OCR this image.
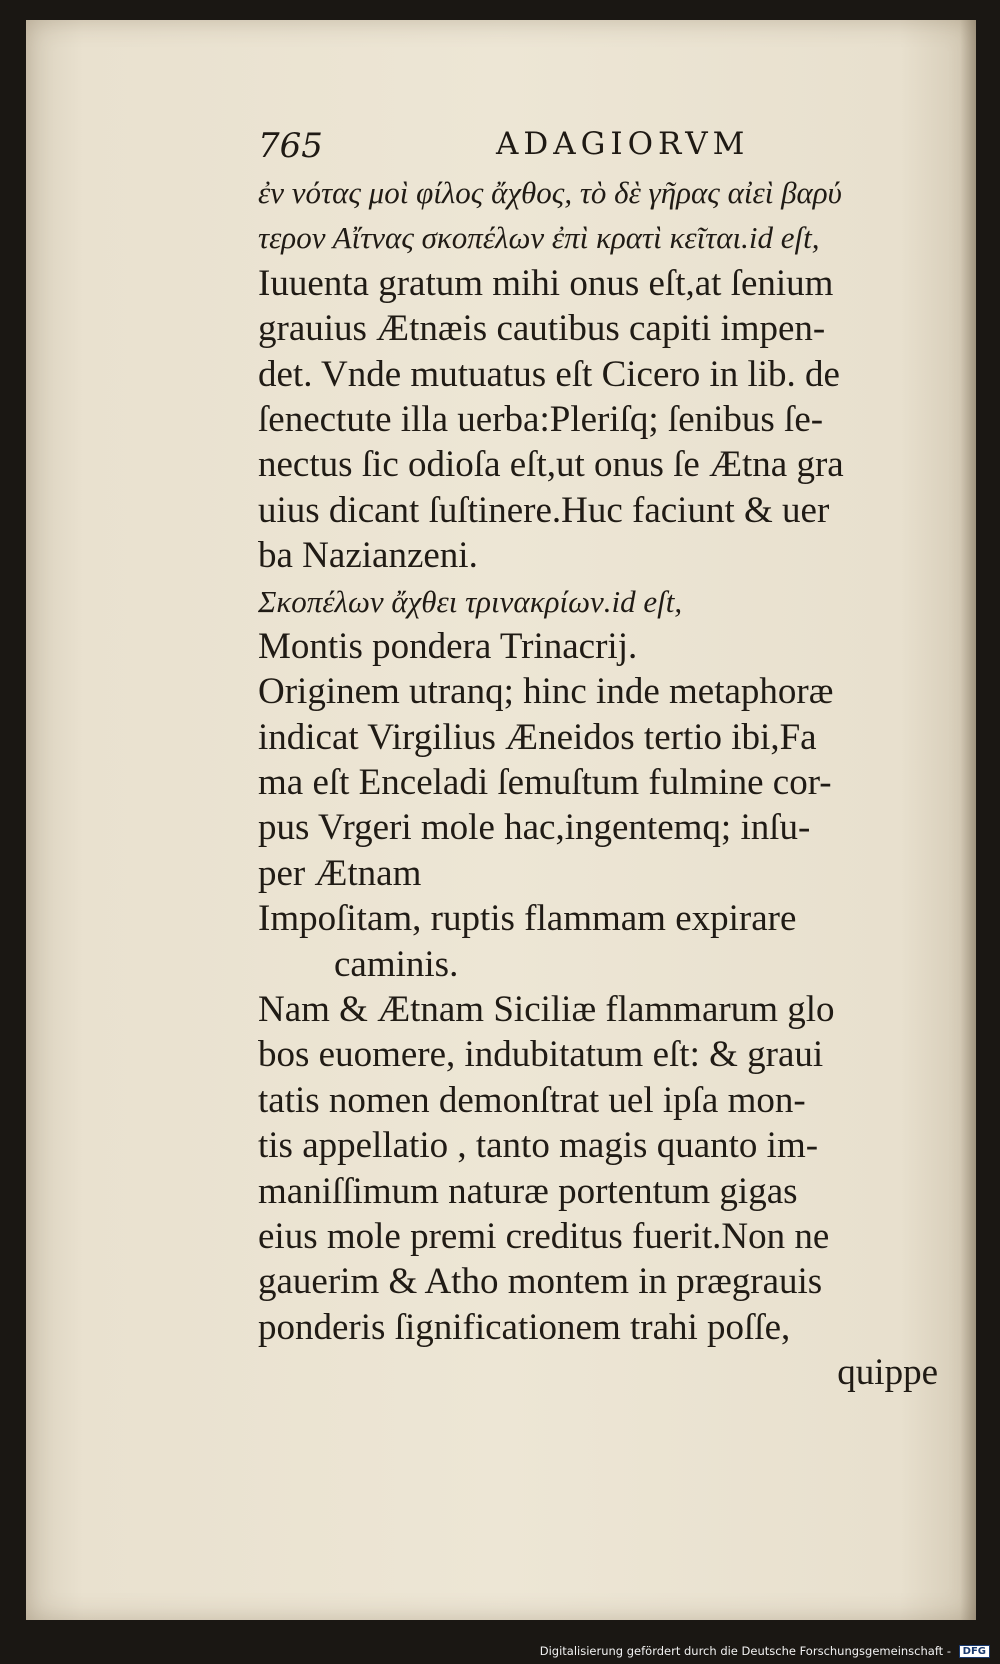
765	ADAGIORVM
ἐν νότας μοὶ φίλος ἄχθος, τὸ δὲ γῆρας αἰεὶ βαρύ
τερον Αἴτνας σκοπέλων ἐπὶ κρατὶ κεῖται.id eſt,
Iuuenta gratum mihi onus eſt,at ſenium
grauius Ætnæis cautibus capiti impen-
det. Vnde mutuatus eſt Cicero in lib. de
ſenectute illa uerba:Pleriſq; ſenibus ſe-
nectus ſic odioſa eſt,ut onus ſe Ætna gra
uius dicant ſuſtinere.Huc faciunt & uer
ba Nazianzeni.
Σκοπέλων ἄχθει τρινακρίων.id eſt,
Montis pondera Trinacrij.
Originem utranq; hinc inde metaphoræ
indicat Virgilius Æneidos tertio ibi,Fa
ma eſt Enceladi ſemuſtum fulmine cor-
pus Vrgeri mole hac,ingentemq; inſu-
per Ætnam
Impoſitam, ruptis flammam expirare
caminis.
Nam & Ætnam Siciliæ flammarum glo
bos euomere, indubitatum eſt: & graui
tatis nomen demonſtrat uel ipſa mon-
tis appellatio , tanto magis quanto im-
maniſſimum naturæ portentum gigas
eius mole premi creditus fuerit.Non ne
gauerim & Atho montem in prægrauis
ponderis ſignificationem trahi poſſe,
quippe
Digitalisierung gefördert durch die Deutsche Forschungsgemeinschaft - DFG
